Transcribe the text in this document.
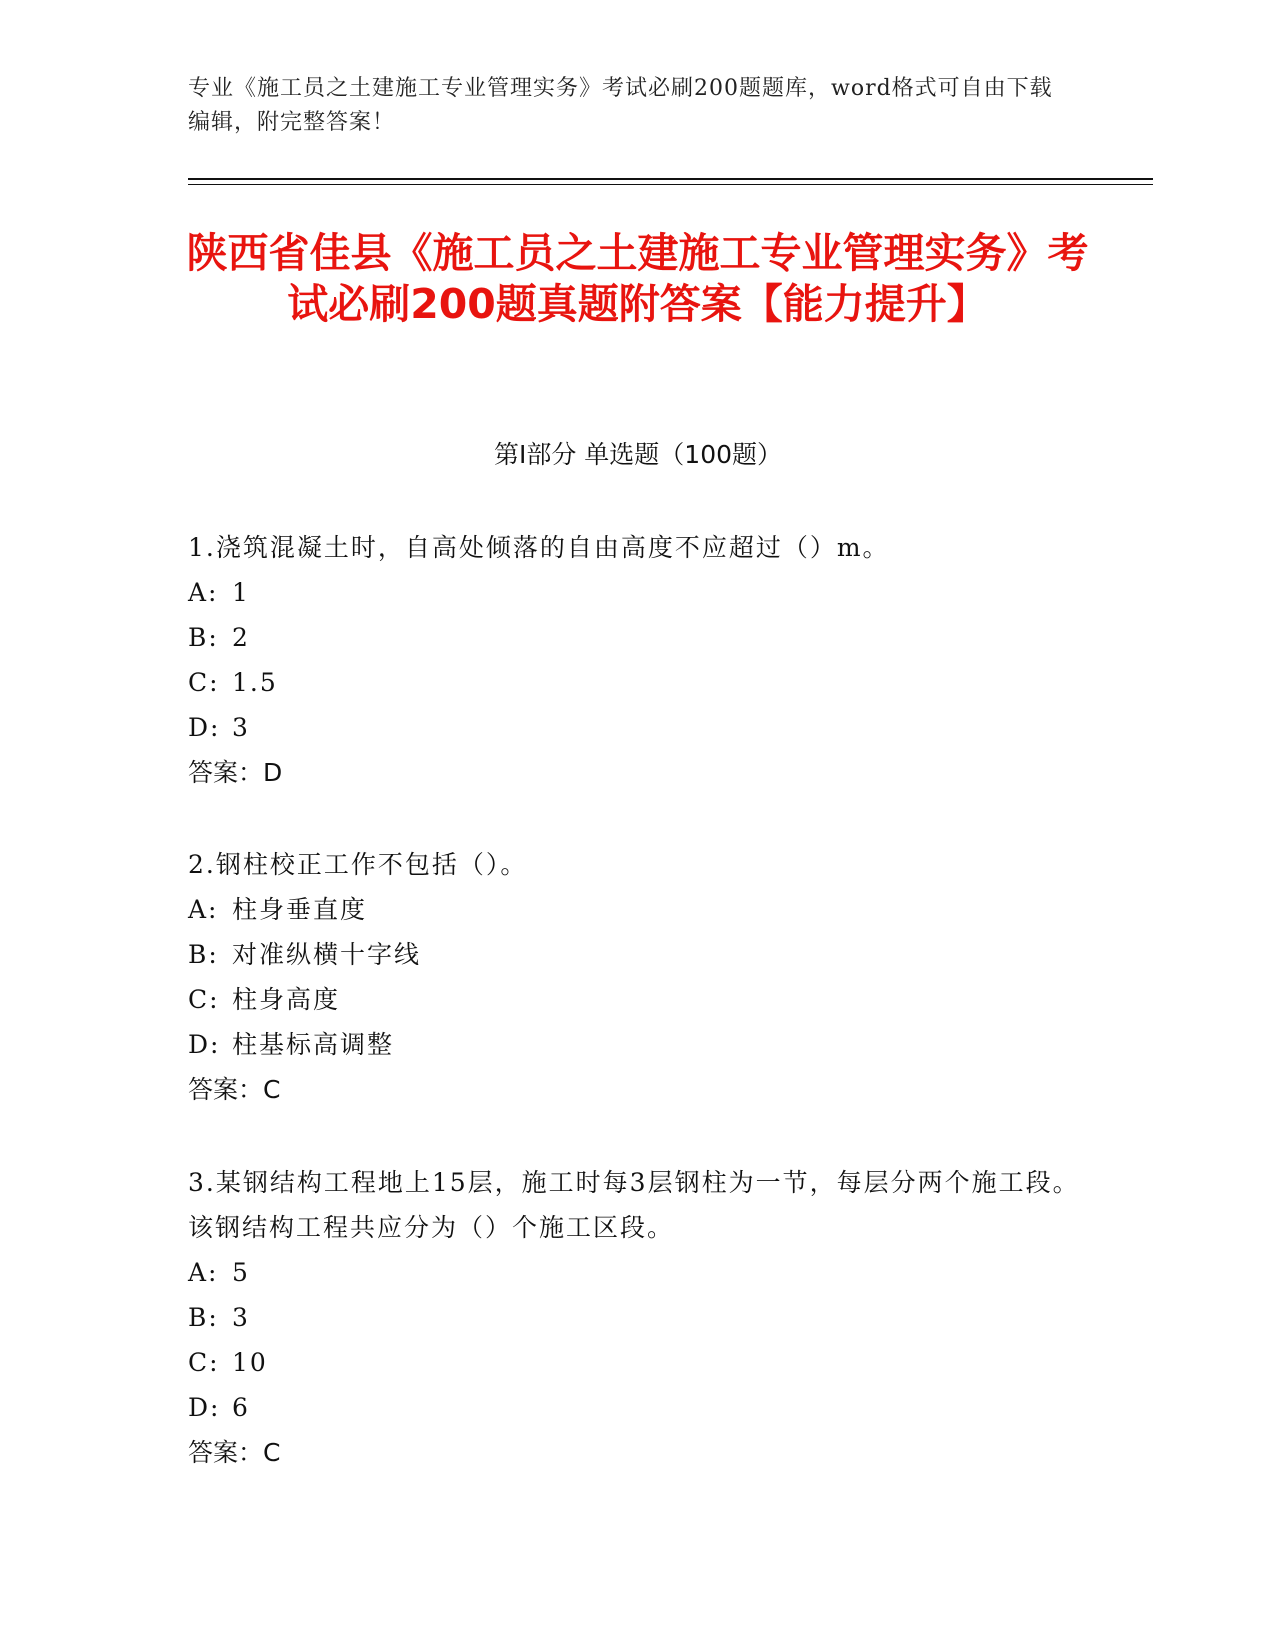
专业《施工员之土建施工专业管理实务》考试必刷200题题库，word格式可自由下载编辑，附完整答案！
陕西省佳县《施工员之土建施工专业管理实务》考试必刷200题真题附答案【能力提升】
第I部分 单选题（100题）

1.浇筑混凝土时，自高处倾落的自由高度不应超过（）m。

A: 1

B: 2

C: 1.5

D: 3

答案：D

2.钢柱校正工作不包括（）。

A: 柱身垂直度

B: 对准纵横十字线

C: 柱身高度

D: 柱基标高调整

答案：C

3.某钢结构工程地上15层，施工时每3层钢柱为一节，每层分两个施工段。该钢结构工程共应分为（）个施工区段。

A: 5

B: 3

C: 10

D: 6

答案：C
